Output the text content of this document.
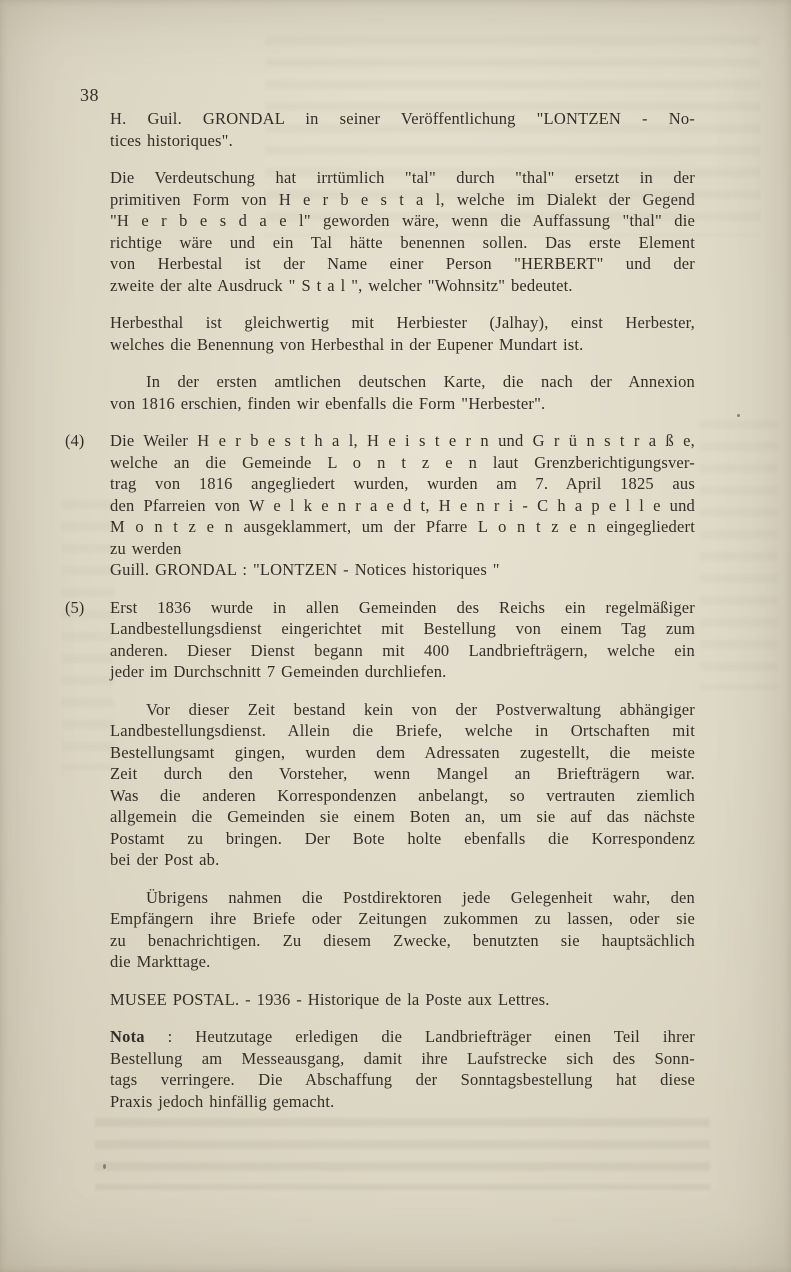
38
H. Guil. GRONDAL in seiner Veröffentlichung "LONTZEN - No-
tices historiques".
Die Verdeutschung hat irrtümlich "tal" durch "thal" ersetzt in der
primitiven Form von H e r b e s t a l, welche im Dialekt der Gegend
"H e r b e s d a e l" geworden wäre, wenn die Auffassung "thal" die
richtige wäre und ein Tal hätte benennen sollen. Das erste Element
von Herbestal ist der Name einer Person "HERBERT" und der
zweite der alte Ausdruck " S t a l ", welcher "Wohnsitz" bedeutet.
Herbesthal ist gleichwertig mit Herbiester (Jalhay), einst Herbester,
welches die Benennung von Herbesthal in der Eupener Mundart ist.
In der ersten amtlichen deutschen Karte, die nach der Annexion
von 1816 erschien, finden wir ebenfalls die Form "Herbester".
(4) Die Weiler H e r b e s t h a l, H e i s t e r n und G r ü n s t r a ß e,
welche an die Gemeinde L o n t z e n laut Grenzberichtigungsver-
trag von 1816 angegliedert wurden, wurden am 7. April 1825 aus
den Pfarreien von W e l k e n r a e d t, H e n r i - C h a p e l l e und
M o n t z e n ausgeklammert, um der Pfarre L o n t z e n eingegliedert
zu werden
Guill. GRONDAL : "LONTZEN - Notices historiques "
(5) Erst 1836 wurde in allen Gemeinden des Reichs ein regelmäßiger
Landbestellungsdienst eingerichtet mit Bestellung von einem Tag zum
anderen. Dieser Dienst begann mit 400 Landbriefträgern, welche ein
jeder im Durchschnitt 7 Gemeinden durchliefen.
Vor dieser Zeit bestand kein von der Postverwaltung abhängiger
Landbestellungsdienst. Allein die Briefe, welche in Ortschaften mit
Bestellungsamt gingen, wurden dem Adressaten zugestellt, die meiste
Zeit durch den Vorsteher, wenn Mangel an Briefträgern war.
Was die anderen Korrespondenzen anbelangt, so vertrauten ziemlich
allgemein die Gemeinden sie einem Boten an, um sie auf das nächste
Postamt zu bringen. Der Bote holte ebenfalls die Korrespondenz
bei der Post ab.
Übrigens nahmen die Postdirektoren jede Gelegenheit wahr, den
Empfängern ihre Briefe oder Zeitungen zukommen zu lassen, oder sie
zu benachrichtigen. Zu diesem Zwecke, benutzten sie hauptsächlich
die Markttage.
MUSEE POSTAL. - 1936 - Historique de la Poste aux Lettres.
Nota : Heutzutage erledigen die Landbriefträger einen Teil ihrer
Bestellung am Messeausgang, damit ihre Laufstrecke sich des Sonn-
tags verringere. Die Abschaffung der Sonntagsbestellung hat diese
Praxis jedoch hinfällig gemacht.
